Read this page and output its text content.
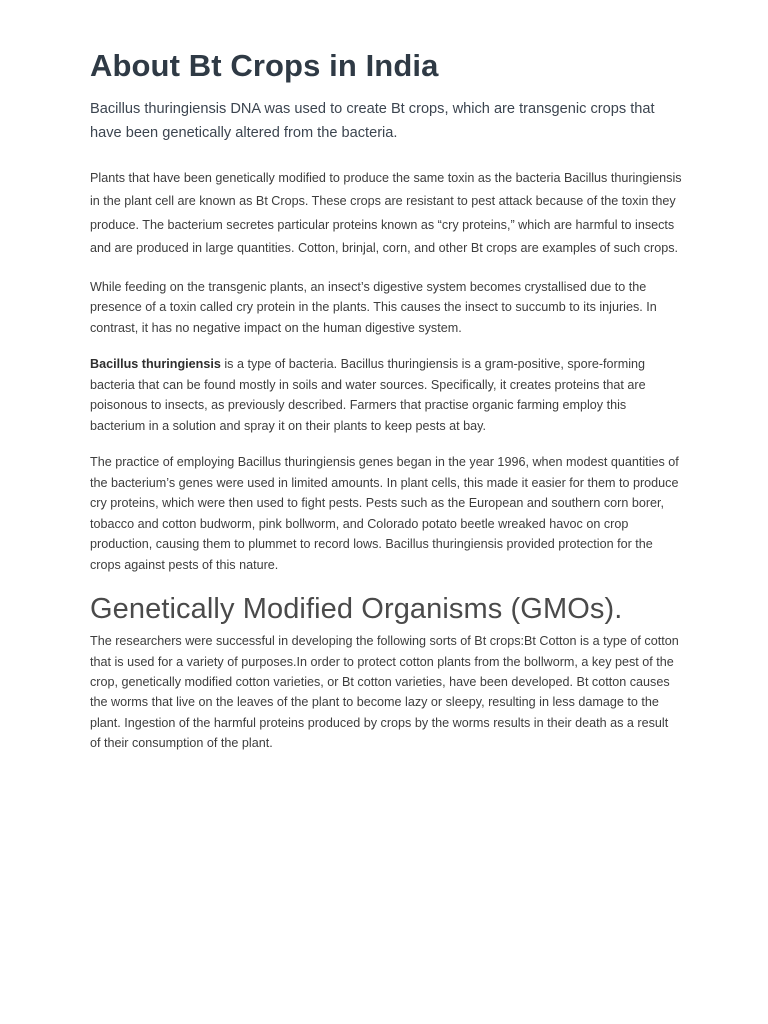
About Bt Crops in India

Bacillus thuringiensis DNA was used to create Bt crops, which are transgenic crops that have been genetically altered from the bacteria.

Plants that have been genetically modified to produce the same toxin as the bacteria Bacillus thuringiensis in the plant cell are known as Bt Crops. These crops are resistant to pest attack because of the toxin they produce. The bacterium secretes particular proteins known as “cry proteins,” which are harmful to insects and are produced in large quantities. Cotton, brinjal, corn, and other Bt crops are examples of such crops.

While feeding on the transgenic plants, an insect’s digestive system becomes crystallised due to the presence of a toxin called cry protein in the plants. This causes the insect to succumb to its injuries. In contrast, it has no negative impact on the human digestive system.

Bacillus thuringiensis is a type of bacteria. Bacillus thuringiensis is a gram-positive, spore-forming bacteria that can be found mostly in soils and water sources. Specifically, it creates proteins that are poisonous to insects, as previously described. Farmers that practise organic farming employ this bacterium in a solution and spray it on their plants to keep pests at bay.

The practice of employing Bacillus thuringiensis genes began in the year 1996, when modest quantities of the bacterium’s genes were used in limited amounts. In plant cells, this made it easier for them to produce cry proteins, which were then used to fight pests. Pests such as the European and southern corn borer, tobacco and cotton budworm, pink bollworm, and Colorado potato beetle wreaked havoc on crop production, causing them to plummet to record lows. Bacillus thuringiensis provided protection for the crops against pests of this nature.

Genetically Modified Organisms (GMOs).

The researchers were successful in developing the following sorts of Bt crops:Bt Cotton is a type of cotton that is used for a variety of purposes.In order to protect cotton plants from the bollworm, a key pest of the crop, genetically modified cotton varieties, or Bt cotton varieties, have been developed. Bt cotton causes the worms that live on the leaves of the plant to become lazy or sleepy, resulting in less damage to the plant. Ingestion of the harmful proteins produced by crops by the worms results in their death as a result of their consumption of the plant.
